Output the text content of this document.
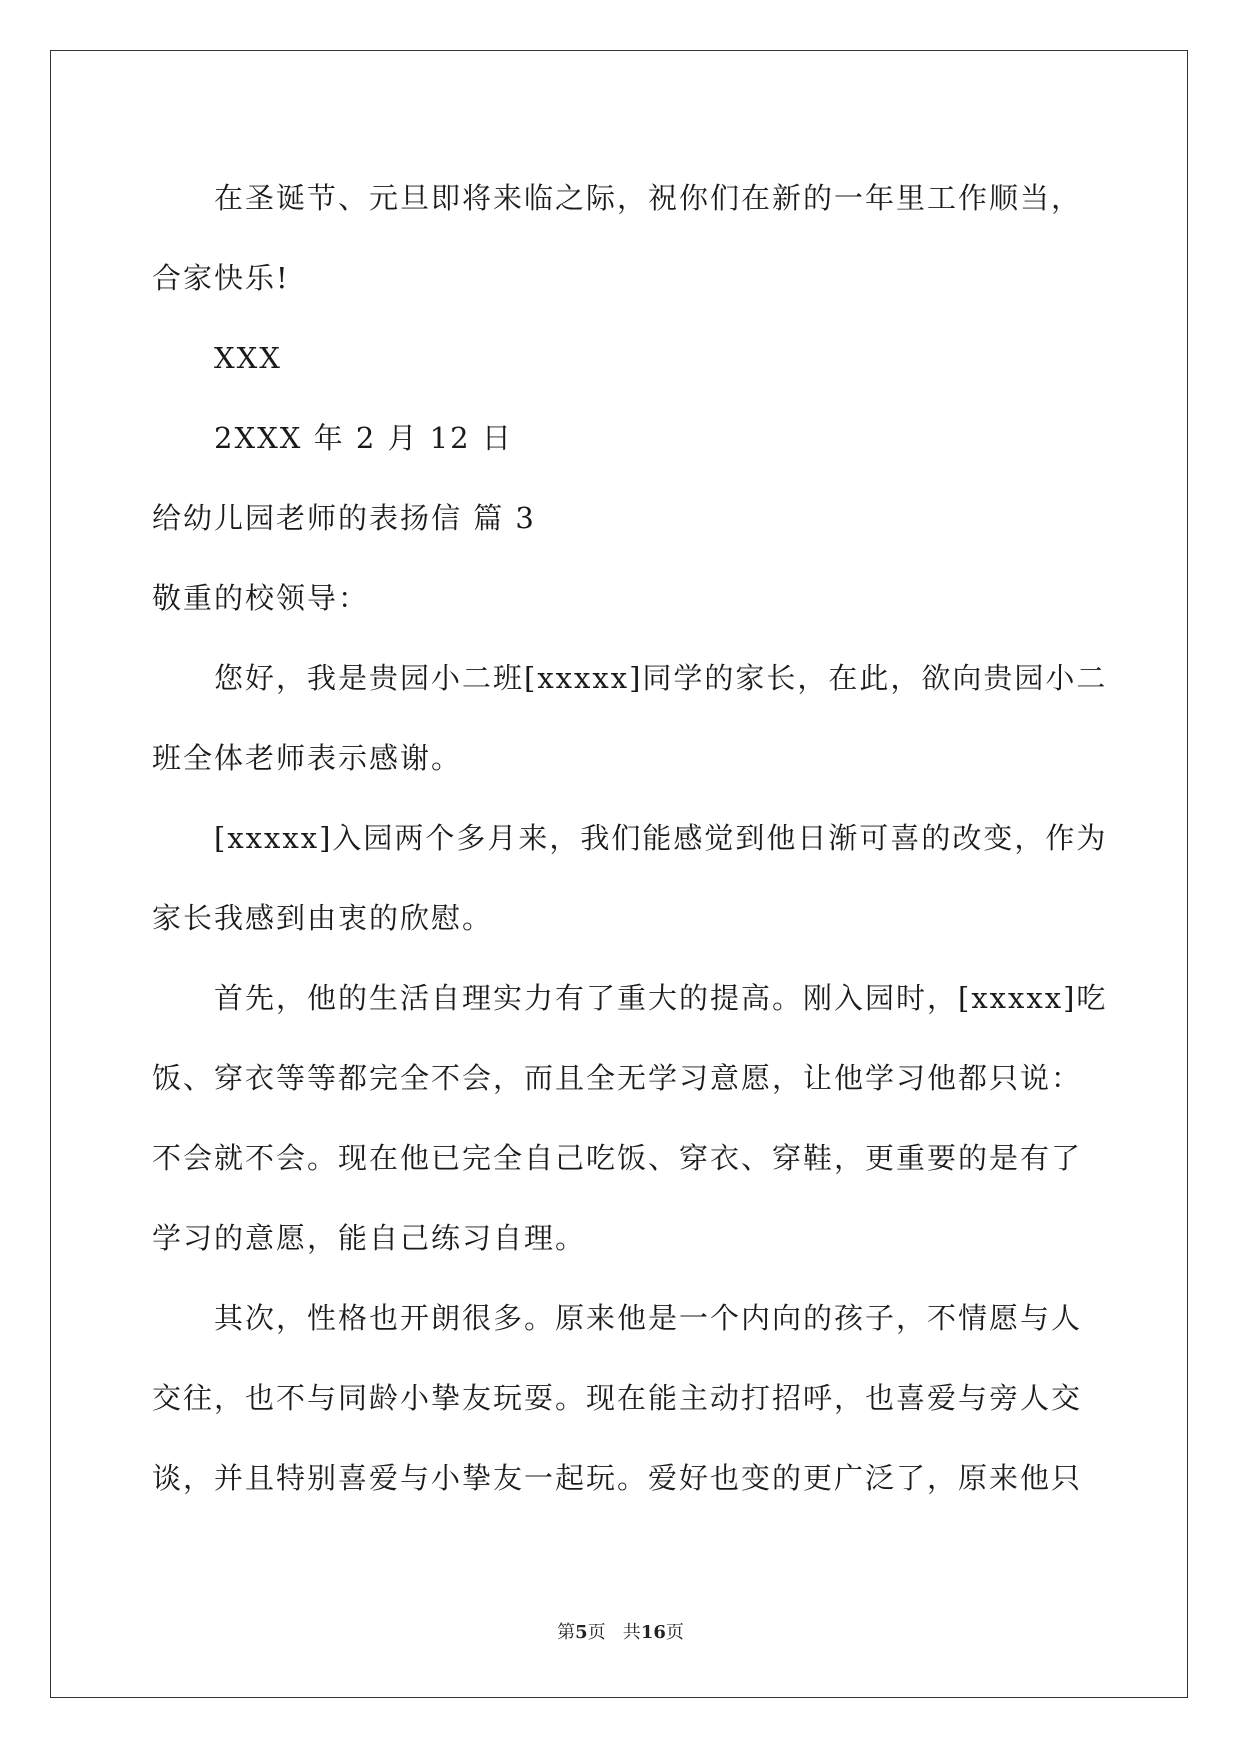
在圣诞节、元旦即将来临之际，祝你们在新的一年里工作顺当，
合家快乐!
XXX
2XXX 年 2 月 12 日
给幼儿园老师的表扬信 篇 3
敬重的校领导：
您好，我是贵园小二班[xxxxx]同学的家长，在此，欲向贵园小二
班全体老师表示感谢。
[xxxxx]入园两个多月来，我们能感觉到他日渐可喜的改变，作为
家长我感到由衷的欣慰。
首先，他的生活自理实力有了重大的提高。刚入园时，[xxxxx]吃
饭、穿衣等等都完全不会，而且全无学习意愿，让他学习他都只说：
不会就不会。现在他已完全自己吃饭、穿衣、穿鞋，更重要的是有了
学习的意愿，能自己练习自理。
其次，性格也开朗很多。原来他是一个内向的孩子，不情愿与人
交往，也不与同龄小挚友玩耍。现在能主动打招呼，也喜爱与旁人交
谈，并且特别喜爱与小挚友一起玩。爱好也变的更广泛了，原来他只
第5页   共16页
